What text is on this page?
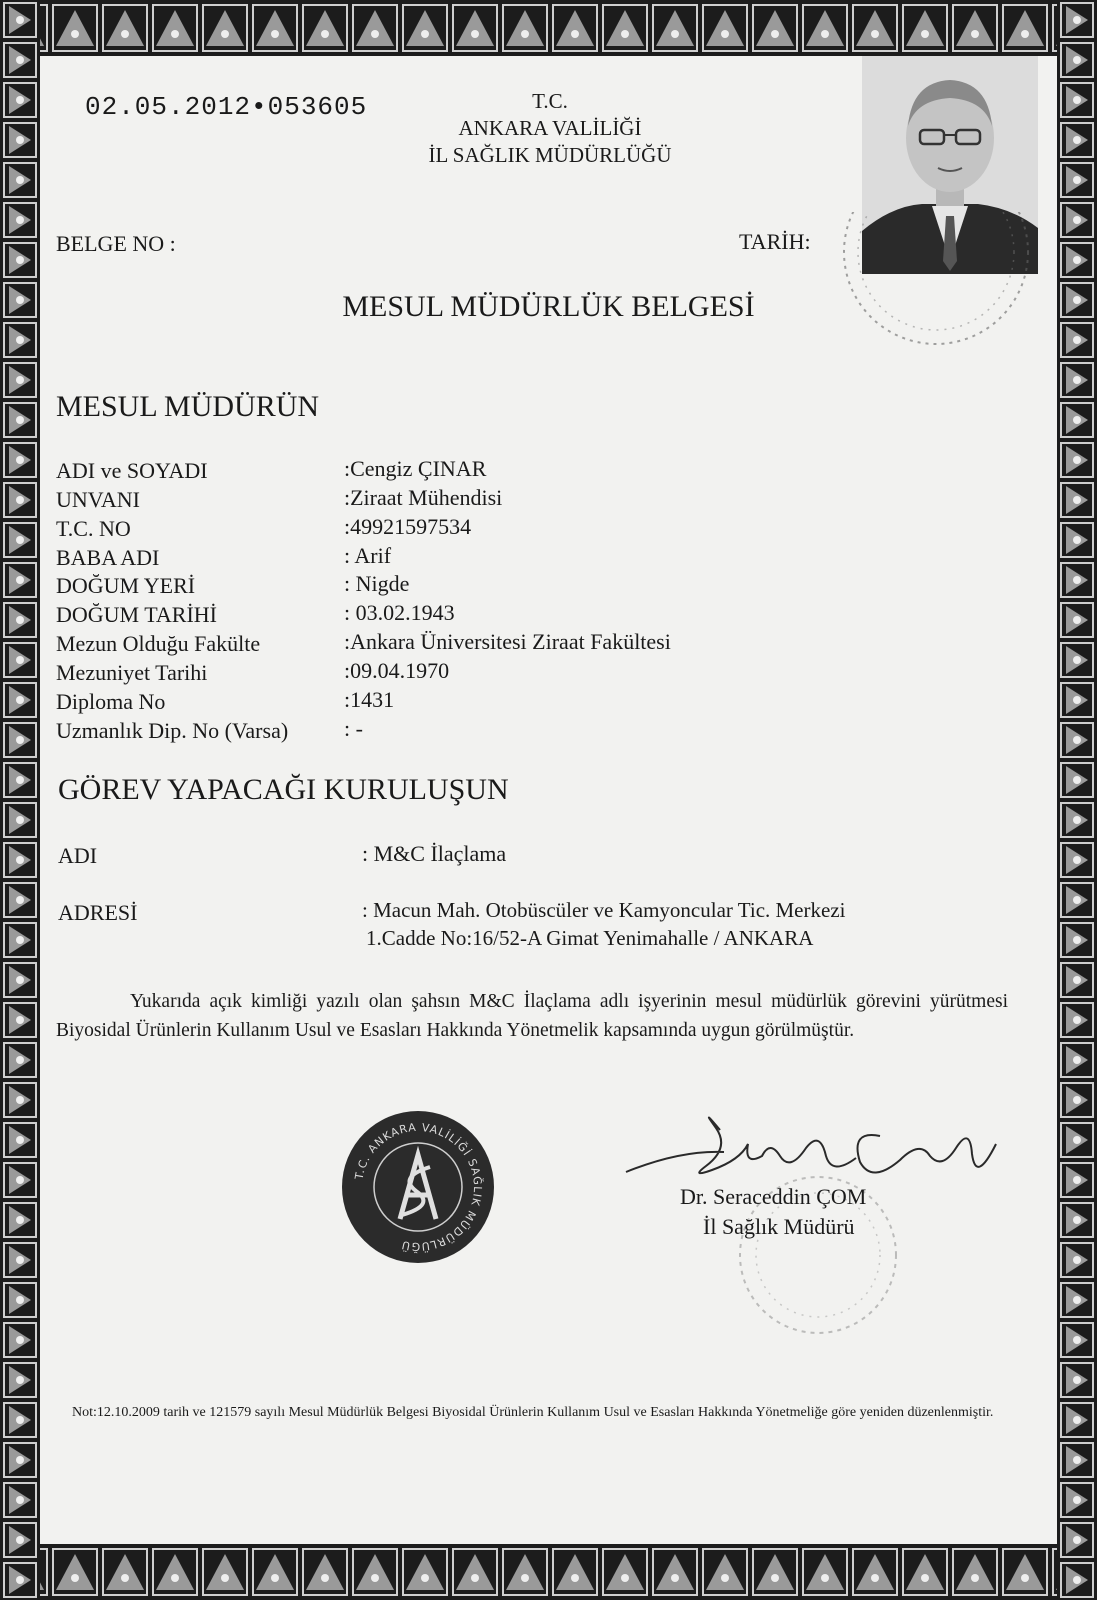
02.05.2012•053605	T.C.
ANKARA VALİLİĞİ
İL SAĞLIK MÜDÜRLÜĞÜ
BELGE NO :	TARİH:
MESUL MÜDÜRLÜK BELGESİ
MESUL MÜDÜRÜN
ADI ve SOYADI	:Cengiz ÇINAR
UNVANI	:Ziraat Mühendisi
T.C. NO	:49921597534
BABA ADI	: Arif
DOĞUM YERİ	: Nigde
DOĞUM TARİHİ	: 03.02.1943
Mezun Olduğu Fakülte	:Ankara Üniversitesi Ziraat Fakültesi
Mezuniyet Tarihi	:09.04.1970
Diploma No	:1431
Uzmanlık Dip. No (Varsa)	: -
GÖREV YAPACAĞI KURULUŞUN
ADI	: M&C İlaçlama
ADRESİ	: Macun Mah. Otobüscüler ve Kamyoncular Tic. Merkezi
1.Cadde No:16/52-A Gimat Yenimahalle / ANKARA
Yukarıda açık kimliği yazılı olan şahsın M&C İlaçlama adlı işyerinin mesul müdürlük görevini yürütmesi Biyosidal Ürünlerin Kullanım Usul ve Esasları Hakkında Yönetmelik kapsamında uygun görülmüştür.
T.C. ANKARA VALİLİĞİ SAĞLIK MÜDÜRLÜĞÜ
Dr. Seraceddin ÇOM
İl Sağlık Müdürü
Not:12.10.2009 tarih ve 121579 sayılı Mesul Müdürlük Belgesi Biyosidal Ürünlerin Kullanım Usul ve Esasları Hakkında Yönetmeliğe göre yeniden düzenlenmiştir.
